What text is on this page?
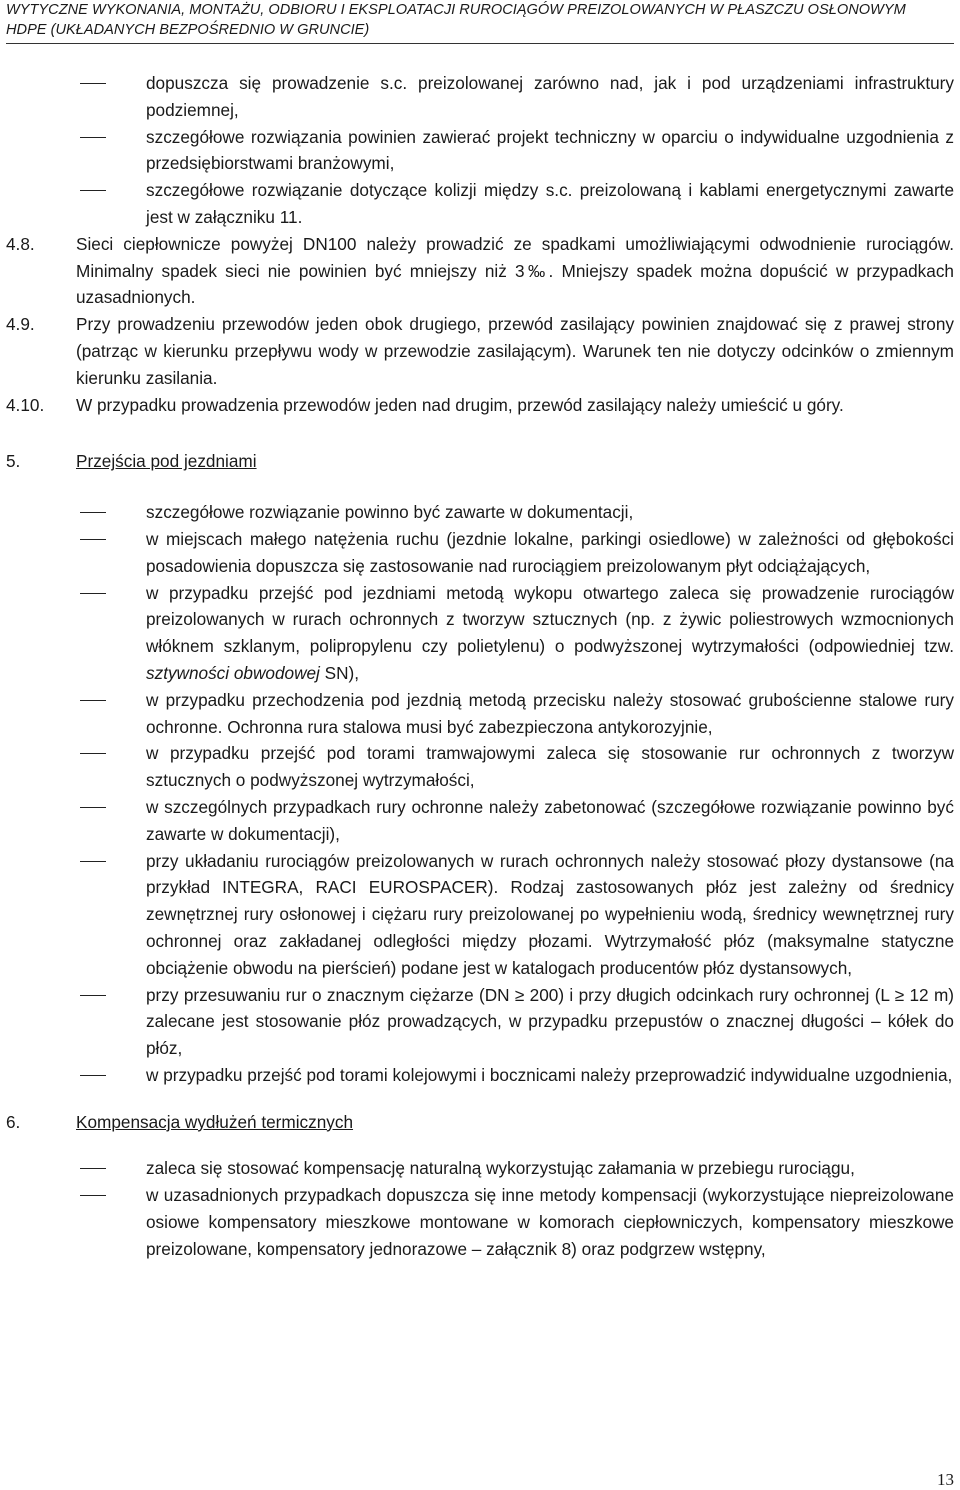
WYTYCZNE WYKONANIA, MONTAŻU, ODBIORU I EKSPLOATACJI RUROCIĄGÓW PREIZOLOWANYCH W PŁASZCZU OSŁONOWYM
HDPE (UKŁADANYCH BEZPOŚREDNIO W GRUNCIE)
dopuszcza się prowadzenie s.c. preizolowanej zarówno nad, jak i pod urządzeniami infrastruktury podziemnej,
szczegółowe rozwiązania powinien zawierać projekt techniczny w oparciu o indywidualne uzgodnienia z przedsiębiorstwami branżowymi,
szczegółowe rozwiązanie dotyczące kolizji między s.c. preizolowaną i kablami energetycznymi zawarte jest w załączniku 11.
4.8. Sieci ciepłownicze powyżej DN100 należy prowadzić ze spadkami umożliwiającymi odwodnienie rurociągów. Minimalny spadek sieci nie powinien być mniejszy niż 3‰. Mniejszy spadek można dopuścić w przypadkach uzasadnionych.
4.9. Przy prowadzeniu przewodów jeden obok drugiego, przewód zasilający powinien znajdować się z prawej strony (patrząc w kierunku przepływu wody w przewodzie zasilającym). Warunek ten nie dotyczy odcinków o zmiennym kierunku zasilania.
4.10. W przypadku prowadzenia przewodów jeden nad drugim, przewód zasilający należy umieścić u góry.
5.	Przejścia pod jezdniami
szczegółowe rozwiązanie powinno być zawarte w dokumentacji,
w miejscach małego natężenia ruchu (jezdnie lokalne, parkingi osiedlowe) w zależności od głębokości posadowienia dopuszcza się zastosowanie nad rurociągiem preizolowanym płyt odciążających,
w przypadku przejść pod jezdniami metodą wykopu otwartego zaleca się prowadzenie rurociągów preizolowanych w rurach ochronnych z tworzyw sztucznych (np. z żywic poliestrowych wzmocnionych włóknem szklanym, polipropylenu czy polietylenu) o podwyższonej wytrzymałości (odpowiedniej tzw. sztywności obwodowej SN),
w przypadku przechodzenia pod jezdnią metodą przecisku należy stosować grubościenne stalowe rury ochronne. Ochronna rura stalowa musi być zabezpieczona antykorozyjnie,
w przypadku przejść pod torami tramwajowymi zaleca się stosowanie rur ochronnych z tworzyw sztucznych o podwyższonej wytrzymałości,
w szczególnych przypadkach rury ochronne należy zabetonować (szczegółowe rozwiązanie powinno być zawarte w dokumentacji),
przy układaniu rurociągów preizolowanych w rurach ochronnych należy stosować płozy dystansowe (na przykład INTEGRA, RACI EUROSPACER). Rodzaj zastosowanych płóz jest zależny od średnicy zewnętrznej rury osłonowej i ciężaru rury preizolowanej po wypełnieniu wodą, średnicy wewnętrznej rury ochronnej oraz zakładanej odległości między płozami. Wytrzymałość płóz (maksymalne statyczne obciążenie obwodu na pierścień) podane jest w katalogach producentów płóz dystansowych,
przy przesuwaniu rur o znacznym ciężarze (DN ≥ 200) i przy długich odcinkach rury ochronnej (L ≥ 12 m) zalecane jest stosowanie płóz prowadzących, w przypadku przepustów o znacznej długości – kółek do płóz,
w przypadku przejść pod torami kolejowymi i bocznicami należy przeprowadzić indywidualne uzgodnienia,
6.	Kompensacja wydłużeń termicznych
zaleca się stosować kompensację naturalną wykorzystując załamania w przebiegu rurociągu,
w uzasadnionych przypadkach dopuszcza się inne metody kompensacji (wykorzystujące niepreizolowane osiowe kompensatory mieszkowe montowane w komorach ciepłowniczych, kompensatory mieszkowe preizolowane, kompensatory jednorazowe – załącznik 8) oraz podgrzew wstępny,
13
